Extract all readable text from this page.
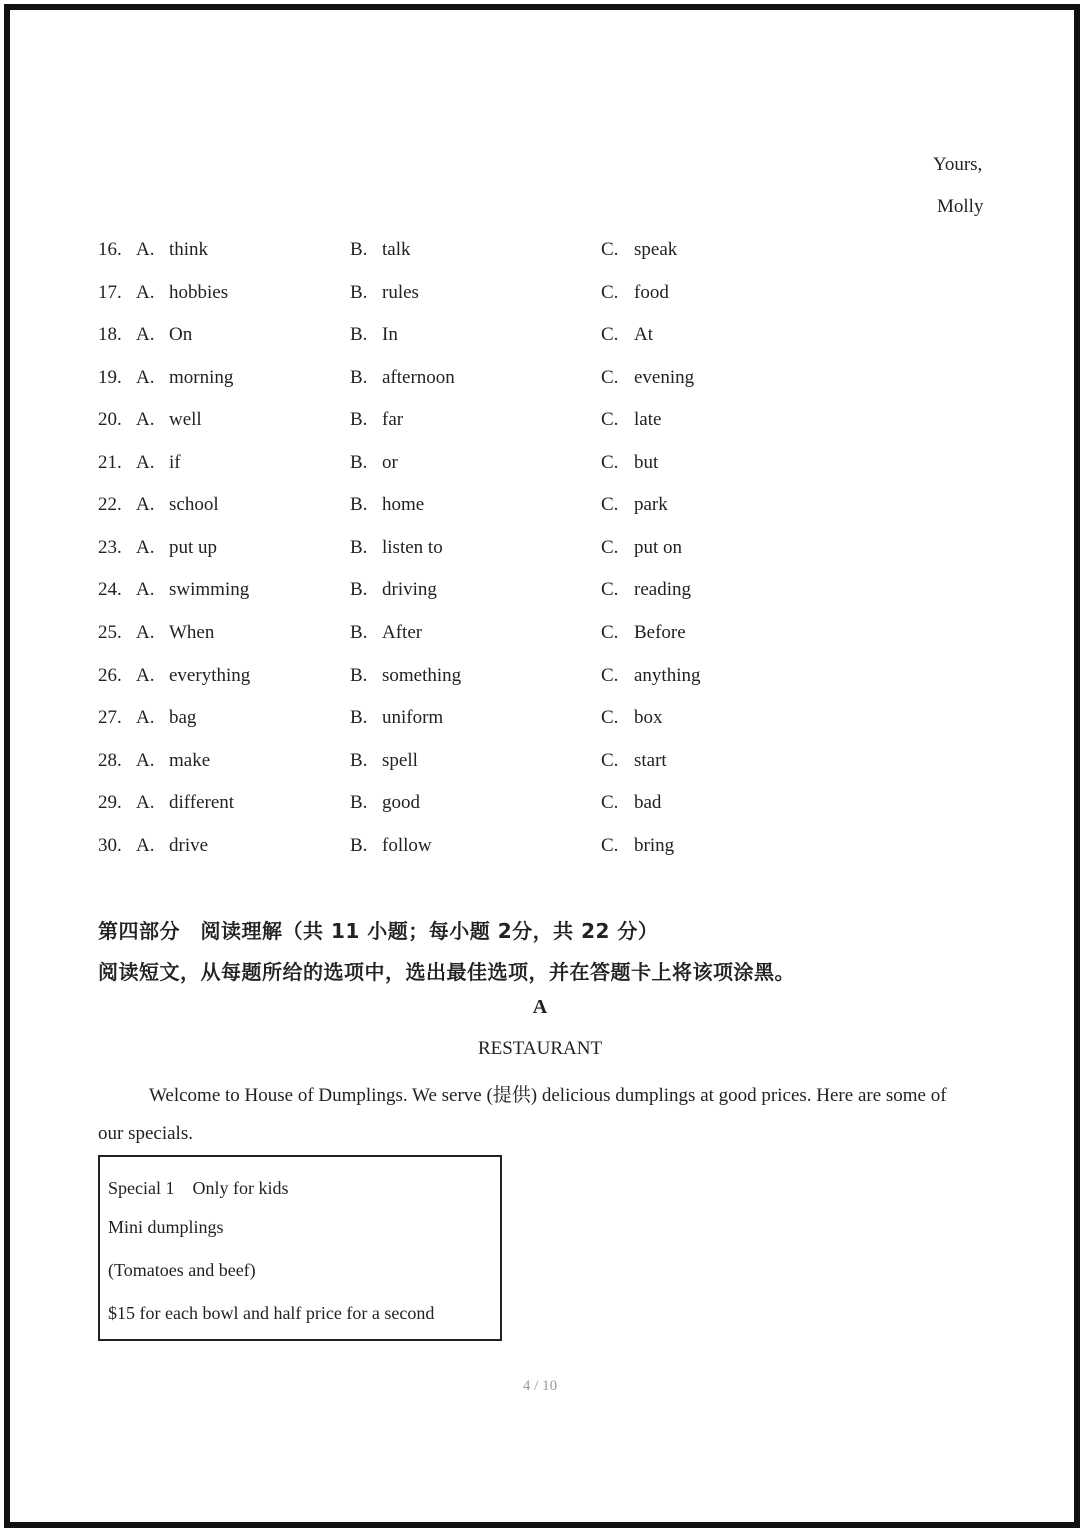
Yours,
Molly
16. A. think	B. talk	C. speak
17. A. hobbies	B. rules	C. food
18. A. On	B. In	C. At
19. A. morning	B. afternoon	C. evening
20. A. well	B. far	C. late
21. A. if	B. or	C. but
22. A. school	B. home	C. park
23. A. put up	B. listen to	C. put on
24. A. swimming	B. driving	C. reading
25. A. When	B. After	C. Before
26. A. everything	B. something	C. anything
27. A. bag	B. uniform	C. box
28. A. make	B. spell	C. start
29. A. different	B. good	C. bad
30. A. drive	B. follow	C. bring
第四部分　阅读理解（共 11 小题；每小题 2分，共 22 分）
阅读短文，从每题所给的选项中，选出最佳选项，并在答题卡上将该项涂黑。
A
RESTAURANT
Welcome to House of Dumplings. We serve (提供) delicious dumplings at good prices. Here are some of
our specials.
Special 1　Only for kids
Mini dumplings
(Tomatoes and beef)
$15 for each bowl and half price for a second
4 / 10
